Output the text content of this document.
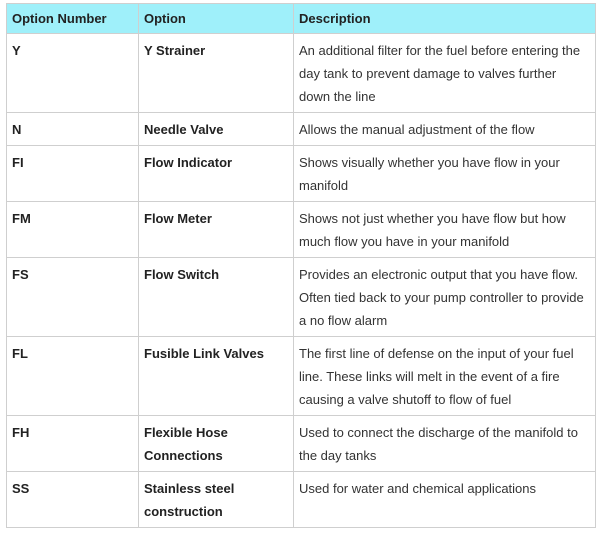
Option Number	Option	Description
Y	Y Strainer	An additional filter for the fuel before entering the day tank to prevent damage to valves further down the line
N	Needle Valve	Allows the manual adjustment of the flow
FI	Flow Indicator	Shows visually whether you have flow in your manifold
FM	Flow Meter	Shows not just whether you have flow but how much flow you have in your manifold
FS	Flow Switch	Provides an electronic output that you have flow. Often tied back to your pump controller to provide a no flow alarm
FL	Fusible Link Valves	The first line of defense on the input of your fuel line. These links will melt in the event of a fire causing a valve shutoff to flow of fuel
FH	Flexible Hose Connections	Used to connect the discharge of the manifold to the day tanks
SS	Stainless steel construction	Used for water and chemical applications
